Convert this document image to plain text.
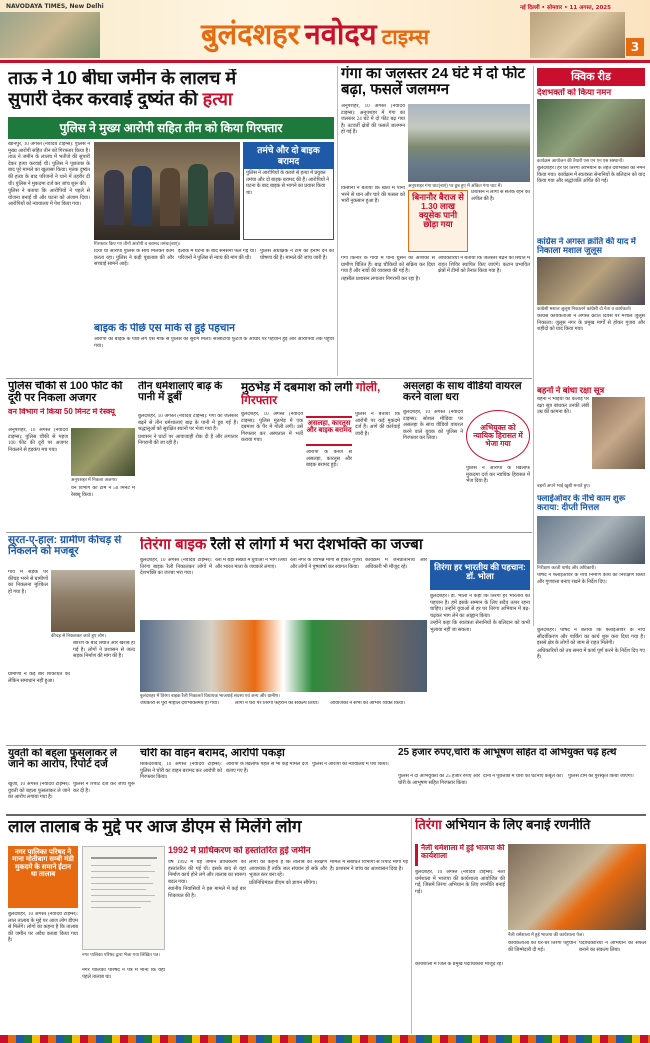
NAVODAYA TIMES, New Delhi	नई दिल्ली • सोमवार • 11 अगस्त, 2025
बुलंदशहर नवोदय टाइम्स	3
ताऊ ने 10 बीघा जमीन के लालच में
सुपारी देकर करवाई दुष्यंत की हत्या
पुलिस ने मुख्य आरोपी सहित तीन को किया गिरफ्तार

खानपुर, 10 अगस्त (नवोदय टाइम्स): पुलिस ने मुख्य आरोपी सहित तीन को गिरफ्तार किया है। ताऊ ने जमीन के लालच में भतीजे की सुपारी देकर हत्या करवाई थी। पुलिस ने पूछताछ के बाद पूरे मामले का खुलासा किया। मृतक दुष्यंत की हत्या के बाद परिजनों ने थाने में तहरीर दी थी। पुलिस ने मुकदमा दर्ज कर जांच शुरू की।

पुलिस ने बताया कि आरोपियों ने पहले से योजना बनाई थी और घटना को अंजाम दिया। आरोपियों को न्यायालय में पेश किया गया।

तमंचे और दो बाइक बरामद
पुलिस ने आरोपियों के कब्जे से हत्या में प्रयुक्त तमंचा और दो बाइक बरामद की हैं। आरोपियों ने घटना के बाद बाइक से भागने का प्रयास किया था।
गिरफ्तार किए गए तीनों आरोपी व बरामद तमंचा(बाएं)।

दिया था आरोपी पुलिस के साथ मिलकर काम करता रहा। पुलिस ने कड़ी पूछताछ की और सच्चाई सामने आई।

इलाके में घटना के बाद सनसनी फैल गई थी। परिजनों ने पुलिस से न्याय की मांग की थी।

पुलिस अधीक्षक ने टीम को इनाम देने की घोषणा की है। मामले की जांच जारी है।

बाइक के पीछे एस मार्क से हुई पहचान

आरोपी की बाइक के पीछे लगे एस मार्क से पुलिस को सुराग मिला। सीसीटीवी फुटेज के आधार पर पहचान हुई और आरोपियों तक पहुंचा गया।

गंगा का जलस्तर 24 घंटे में दो फीट बढ़ा, फसलें जलमग्न

अनूपशहर, 10 अगस्त (नवोदय टाइम्स): अनूपशहर में गंगा का जलस्तर 24 घंटे में दो फीट बढ़ गया है। तटवर्ती क्षेत्रों की फसलें जलमग्न हो गई हैं।

अनूपशहर गंगा घाट(बाएं) पर डूब हुए में अंकित गंगा घाट में।

किसानों ने बताया कि खेतों में पानी भरने से धान और चारे की फसल को भारी नुकसान हुआ है।	बिनानौर बैराज से 1.30 लाख क्यूसेक पानी छोड़ा गया

प्रशासन ने लोगों से सतर्क रहने की अपील की है।

गंगा किनारे के गांवों में पानी घुसने की आशंका से ग्रामीण चिंतित हैं। बाढ़ चौकियों को सक्रिय कर दिया गया है और नावों की व्यवस्था की गई है।

तहसील प्रशासन लगातार निगरानी कर रहा है।

अधिकारियों ने बताया कि जलस्तर बढ़ने की स्थिति में राहत शिविर स्थापित किए जाएंगे। कटान प्रभावित क्षेत्रों में टीमों को तैनात किया गया है।

क्विक रीड
देशभक्तों को किया नमन
कार्यक्रम आयोजन की तैयारी एस एन एन एस संस्थानों।

बुलंदशहर। हर घर तिरंगा अभियान के तहत देशभक्तों को नमन किया गया। कार्यक्रम में स्वतंत्रता सेनानियों के बलिदान को याद किया गया और श्रद्धांजलि अर्पित की गई।

कांग्रेस ने अगस्त क्रांति की याद में निकाला मशाल जुलूस
कांग्रेसी मशाल जुलूस निकालने कांग्रेसी दो नेता व कार्यकर्ता।

कांग्रेस कार्यकर्ताओं ने अगस्त क्रांति दिवस पर मशाल जुलूस निकाला। जुलूस नगर के प्रमुख मार्गों से होकर गुजरा और शहीदों को याद किया गया।

बहनों ने बांधा रक्षा सूत्र

बहनों ने भाइयों की कलाई पर रक्षा सूत्र बांधकर उनकी लंबी उम्र की कामना की।

बहनों अपने भाई खुशी मनाते हुए।
फ्लाईओवर के नीचे काम शुरू कराया: दीप्ती मित्तल
निरीक्षण करती पार्षद और अधिकारी।

पार्षद ने फ्लाईओवर के नीचे निर्माण कार्य का निरीक्षण किया और गुणवत्ता बनाए रखने के निर्देश दिए।

पुलिस चौकी से 100 फीट की दूरी पर निकला अजगर
वन विभाग ने किया 50 मिनट में रेस्क्यू

अनूपशहर, 10 अगस्त (नवोदय टाइम्स): पुलिस चौकी से महज 100 फीट की दूरी पर अजगर निकलने से हड़कंप मच गया।

अनूपशहर में निकला अजगर।

वन विभाग की टीम ने 50 मिनट में रेस्क्यू किया।

तीन धर्मशालाएं बाढ़ के पानी में डूबीं

बुलंदशहर, 10 अगस्त (नवोदय टाइम्स): गंगा का जलस्तर बढ़ने से तीन धर्मशालाएं बाढ़ के पानी में डूब गई हैं। श्रद्धालुओं को सुरक्षित स्थानों पर भेजा गया है।

प्रशासन ने घाटों पर आवाजाही रोक दी है और लगातार निगरानी की जा रही है।

मुठभेड़ में दबमाश को लगी गोली, गिरफ्तार

बुलंदशहर, 10 अगस्त (नवोदय टाइम्स): पुलिस मुठभेड़ में एक दबमाश के पैर में गोली लगी। उसे गिरफ्तार कर अस्पताल में भर्ती कराया गया।

असलहा, कारतूस और बाइक बरामद

आरोपी के कब्जे से असलहा, कारतूस और बाइक बरामद हुई।

पुलिस ने बताया कि आरोपी पर कई मुकदमे दर्ज हैं। आगे की कार्रवाई जारी है।

असलहा के साथ वीडियो वायरल करने वाला धरा

बुलंदशहर, 10 अगस्त (नवोदय टाइम्स): सोशल मीडिया पर असलहा के साथ वीडियो वायरल करने वाले युवक को पुलिस ने गिरफ्तार कर लिया।

अभियुक्त को न्यायिक हिरासत में भेजा गया

पुलिस ने आरोपी के खिलाफ मुकदमा दर्ज कर न्यायिक हिरासत में भेज दिया है।

सूरत-ए-हाल: ग्रामीण कीचड़ से निकलने को मजबूर

गांव में सड़क पर कीचड़ भरने से ग्रामीणों का निकलना मुश्किल हो गया है।

कीचड़ से निकलकर जाते हुए लोग।

ग्रामीणों ने कई बार शिकायत की लेकिन समाधान नहीं हुआ।

बारिश के बाद स्थिति और खराब हो गई है। लोगों ने प्रशासन से जल्द सड़क निर्माण की मांग की है।

तिरंगा बाइक रैली से लोगों में भरा देशभक्ति का जज्बा

बुलंदशहर, 10 अगस्त (नवोदय टाइम्स): तिरंगा बाइक रैली निकालकर लोगों में देशभक्ति का जज्बा भरा गया।

रैली में बड़ी संख्या में युवाओं ने भाग लिया और भारत माता के जयकारे लगाए।

रैली नगर के विभिन्न मार्गों से होकर गुजरी और लोगों ने पुष्पवर्षा कर स्वागत किया।

कार्यक्रम में जनप्रतिनिधि और अधिकारी भी मौजूद रहे।

बुलंदशहर में तिरंगा बाइक रैली निकालते विधायक भाजपाई सदस्य एवं अन्य और ग्रामीण।

जयकारों से पूरा माहौल देशभक्तिमय हो गया।	लोगों ने घरों पर तिरंगा फहराने का संकल्प लिया।	आयोजकों ने सभी का आभार व्यक्त किया।

तिरंगा हर भारतीय की पहचान: डॉ. भोला

बुलंदशहर। डॉ. भोला ने कहा कि तिरंगा हर भारतीय की पहचान है। हमें इसके सम्मान के लिए सदैव तत्पर रहना चाहिए। उन्होंने युवाओं से हर घर तिरंगा अभियान में बढ़-चढ़कर भाग लेने का आह्वान किया।

उन्होंने कहा कि स्वतंत्रता सेनानियों के बलिदान को कभी भुलाया नहीं जा सकता।	बुलंदशहर। पार्षद ने बताया कि फ्लाईओवर के नीचे सौंदर्यीकरण और पार्किंग का कार्य शुरू करा दिया गया है। इससे क्षेत्र के लोगों को जाम से राहत मिलेगी।

अधिकारियों को तय समय में कार्य पूर्ण करने के निर्देश दिए गए हैं।

युवती को बहला फुसलाकर ले जाने का आरोप, रिपोर्ट दर्ज

खुर्जा, 10 अगस्त (नवोदय टाइम्स): युवती को बहला फुसलाकर ले जाने का आरोप लगाया गया है।

पुलिस ने रिपोर्ट दर्ज कर जांच शुरू कर दी है।

चोरी का वाहन बरामद, आरोपी पकड़ा

सिकंदराबाद, 10 अगस्त (नवोदय टाइम्स): पुलिस ने चोरी का वाहन बरामद कर आरोपी को गिरफ्तार किया।

आरोपी के खिलाफ पहले से भी कई मामले दर्ज बताए गए हैं।

पुलिस ने आरोपी को न्यायालय में पेश किया।

25 हजार रुपए,चोरी के आभूषण सहित दो अभियुक्त चढ़े हत्थे

पुलिस ने दो अभियुक्तों को 25 हजार रुपए और चोरी के आभूषण सहित गिरफ्तार किया।

दोनों ने पूछताछ में चोरी की घटनाएं कबूल कीं। पुलिस टीम को पुरस्कृत किया जाएगा।

लाल तालाब के मुद्दे पर आज डीएम से मिलेंगे लोग
नगर पालिका परिषद ने माना मोतीबाग सम्बी मंडी मुकदमे के समाने ईंटान था तालाब
नगर पालिका परिषद द्वारा भेजा गया लिखित पत्र।

बुलंदशहर, 10 अगस्त (नवोदय टाइम्स): लाल तालाब के मुद्दे पर आज लोग डीएम से मिलेंगे। लोगों का कहना है कि तालाब की जमीन पर अवैध कब्जा किया गया है।

नगर पालिका परिषद ने पत्र में माना कि यहां पहले तालाब था।

1992 में प्राधिकरण को हस्तांतरित हुई जमीन

वर्ष 1992 में यह जमीन प्राधिकरण को हस्तांतरित की गई थी। इसके बाद से यहां निर्माण कार्य होने लगे और तालाब का स्वरूप बदल गया।

स्थानीय निवासियों ने इस मामले में कई बार शिकायत की है।

लोगों का कहना है कि तालाब का संरक्षण आवश्यक है ताकि जल संचयन हो सके और भूजल स्तर बना रहे।

प्रतिनिधिमंडल डीएम को ज्ञापन सौंपेगा।

मामले में संबंधित विभागों से रिपोर्ट मांगी गई है। प्रशासन ने जांच का आश्वासन दिया है।

तिरंगा अभियान के लिए बनाई रणनीति
नैली धर्मशाला में हुई भाजपा की कार्यशाला

बुलंदशहर, 10 अगस्त (नवोदय टाइम्स): नैली धर्मशाला में भाजपा की कार्यशाला आयोजित की गई, जिसमें तिरंगा अभियान के लिए रणनीति बनाई गई।

नैली धर्मशाला में हुई भाजपा की कार्यशाला पेज।

कार्यकर्ताओं को घर-घर तिरंगा पहुंचाने की जिम्मेदारी दी गई।

पदाधिकारियों ने अभियान को सफल बनाने का संकल्प लिया।

कार्यशाला में जिले के प्रमुख पदाधिकारी मौजूद रहे।
